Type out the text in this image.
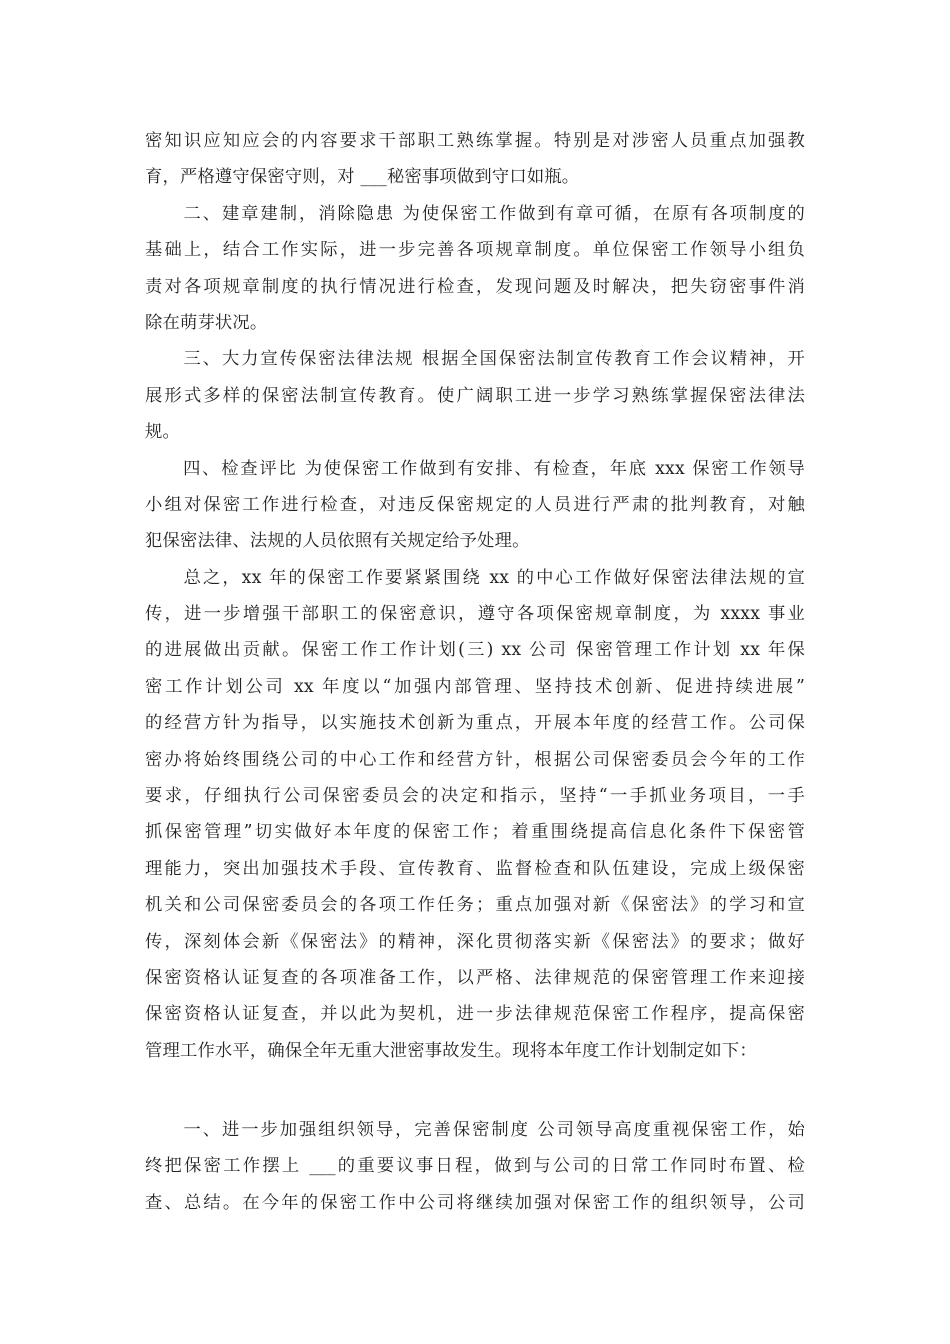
密知识应知应会的内容要求干部职工熟练掌握。特别是对涉密人员重点加强教
育，严格遵守保密守则，对 ___秘密事项做到守口如瓶。
　　二、建章建制，消除隐患 为使保密工作做到有章可循，在原有各项制度的
基础上，结合工作实际，进一步完善各项规章制度。单位保密工作领导小组负
责对各项规章制度的执行情况进行检查，发现问题及时解决，把失窃密事件消
除在萌芽状况。
　　三、大力宣传保密法律法规 根据全国保密法制宣传教育工作会议精神，开
展形式多样的保密法制宣传教育。使广阔职工进一步学习熟练掌握保密法律法
规。
　　四、检查评比 为使保密工作做到有安排、有检查，年底 xxx 保密工作领导
小组对保密工作进行检查，对违反保密规定的人员进行严肃的批判教育，对触
犯保密法律、法规的人员依照有关规定给予处理。
　　总之，xx 年的保密工作要紧紧围绕 xx 的中心工作做好保密法律法规的宣
传，进一步增强干部职工的保密意识，遵守各项保密规章制度，为 xxxx 事业
的进展做出贡献。保密工作工作计划(三) xx 公司 保密管理工作计划 xx 年保
密工作计划公司 xx 年度以“加强内部管理、坚持技术创新、促进持续进展”
的经营方针为指导，以实施技术创新为重点，开展本年度的经营工作。公司保
密办将始终围绕公司的中心工作和经营方针，根据公司保密委员会今年的工作
要求，仔细执行公司保密委员会的决定和指示，坚持“一手抓业务项目，一手
抓保密管理”切实做好本年度的保密工作；着重围绕提高信息化条件下保密管
理能力，突出加强技术手段、宣传教育、监督检查和队伍建设，完成上级保密
机关和公司保密委员会的各项工作任务；重点加强对新《保密法》的学习和宣
传，深刻体会新《保密法》的精神，深化贯彻落实新《保密法》的要求；做好
保密资格认证复查的各项准备工作，以严格、法律规范的保密管理工作来迎接
保密资格认证复查，并以此为契机，进一步法律规范保密工作程序，提高保密
管理工作水平，确保全年无重大泄密事故发生。现将本年度工作计划制定如下：
　　一、进一步加强组织领导，完善保密制度 公司领导高度重视保密工作，始
终把保密工作摆上 ___的重要议事日程，做到与公司的日常工作同时布置、检
查、总结。在今年的保密工作中公司将继续加强对保密工作的组织领导，公司
